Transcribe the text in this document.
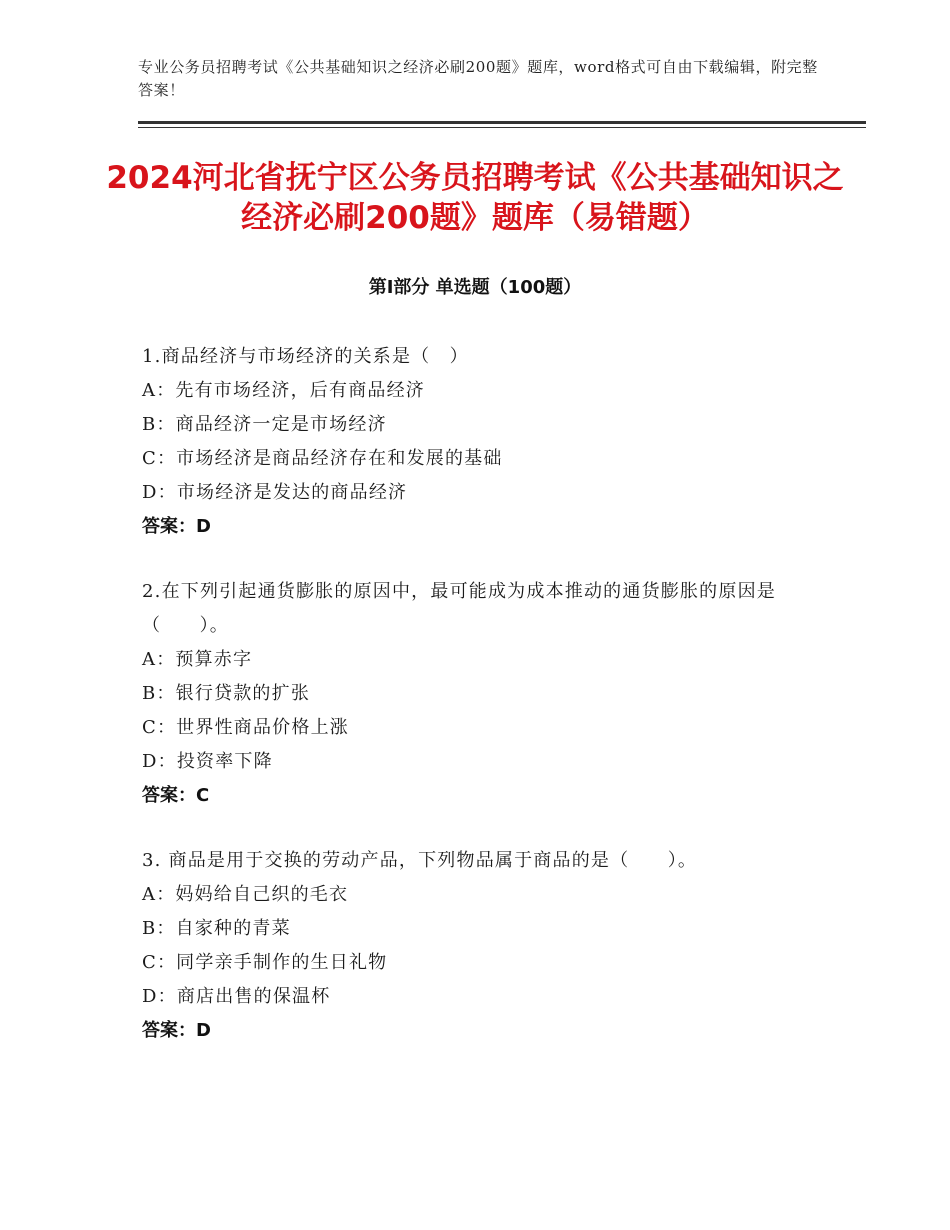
专业公务员招聘考试《公共基础知识之经济必刷200题》题库，word格式可自由下载编辑，附完整答案！
2024河北省抚宁区公务员招聘考试《公共基础知识之经济必刷200题》题库（易错题）
第Ⅰ部分 单选题（100题）
1.商品经济与市场经济的关系是（　）
A：先有市场经济，后有商品经济
B：商品经济一定是市场经济
C：市场经济是商品经济存在和发展的基础
D：市场经济是发达的商品经济
答案：D
2.在下列引起通货膨胀的原因中，最可能成为成本推动的通货膨胀的原因是（　　）。
A：预算赤字
B：银行贷款的扩张
C：世界性商品价格上涨
D：投资率下降
答案：C
3. 商品是用于交换的劳动产品，下列物品属于商品的是（　　）。
A：妈妈给自己织的毛衣
B：自家种的青菜
C：同学亲手制作的生日礼物
D：商店出售的保温杯
答案：D
